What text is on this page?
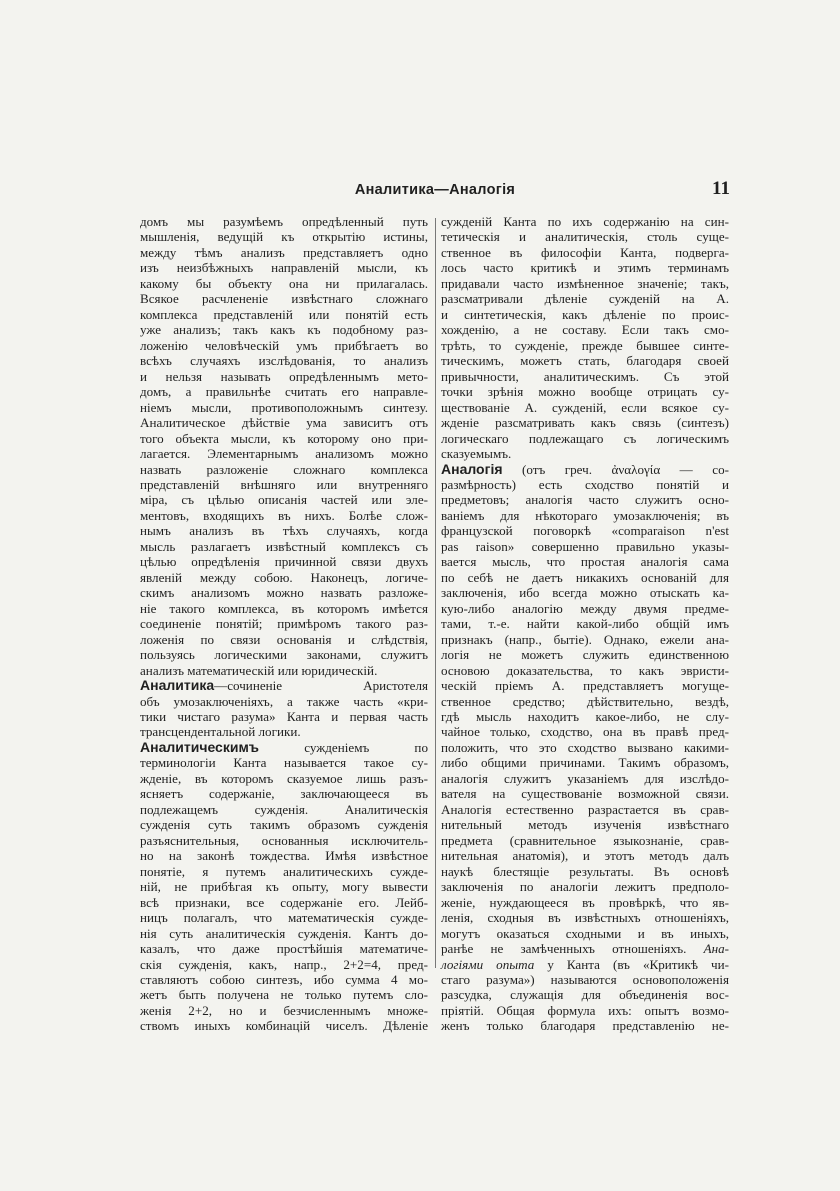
Аналитика—Аналогія	11

домъ мы разумѣемъ опредѣленный путь

мышленія, ведущій къ открытію истины,

между тѣмъ анализъ представляетъ одно

изъ неизбѣжныхъ направленій мысли, къ

какому бы объекту она ни прилагалась.

Всякое расчлененіе извѣстнаго сложнаго

комплекса представленій или понятій есть

уже анализъ; такъ какъ къ подобному раз-

ложенію человѣческій умъ прибѣгаетъ во

всѣхъ случаяхъ изслѣдованія, то анализъ

и нельзя называть опредѣленнымъ мето-

домъ, а правильнѣе считать его направле-

ніемъ мысли, противоположнымъ синтезу.

Аналитическое дѣйствіе ума зависитъ отъ

того объекта мысли, къ которому оно при-

лагается. Элементарнымъ анализомъ можно

назвать разложеніе сложнаго комплекса

представленій внѣшняго или внутренняго

міра, съ цѣлью описанія частей или эле-

ментовъ, входящихъ въ нихъ. Болѣе слож-

нымъ анализъ въ тѣхъ случаяхъ, когда

мысль разлагаетъ извѣстный комплексъ съ

цѣлью опредѣленія причинной связи двухъ

явленій между собою. Наконецъ, логиче-

скимъ анализомъ можно назвать разложе-

ніе такого комплекса, въ которомъ имѣется

соединеніе понятій; примѣромъ такого раз-

ложенія по связи основанія и слѣдствія,

пользуясь логическими законами, служитъ

анализъ математическій или юридическій.

Аналитика—сочиненіе Аристотеля

объ умозаключеніяхъ, а также часть «кри-

тики чистаго разума» Канта и первая часть

трансцендентальной логики.

Аналитическимъ	сужденіемъ по

терминологіи Канта называется такое су-

жденіе, въ которомъ сказуемое лишь разъ-

ясняетъ содержаніе, заключающееся въ

подлежащемъ сужденія. Аналитическія

сужденія суть такимъ образомъ сужденія

разъяснительныя, основанныя исключитель-

но на законѣ тождества. Имѣя извѣстное

понятіе, я путемъ аналитическихъ сужде-

ній, не прибѣгая къ опыту, могу вывести

всѣ признаки, все содержаніе его. Лейб-

ницъ полагалъ, что математическія сужде-

нія суть аналитическія сужденія. Кантъ до-

казалъ, что даже простѣйшія математиче-

скія сужденія, какъ, напр., 2+2=4, пред-

ставляютъ собою синтезъ, ибо сумма 4 мо-

жетъ быть получена не только путемъ сло-

женія 2+2, но и безчисленнымъ множе-

ствомъ иныхъ комбинацій чиселъ. Дѣленіе

сужденій Канта по ихъ содержанію на син-

тетическія и аналитическія, столь суще-

ственное въ философіи Канта, подверга-

лось часто критикѣ и этимъ терминамъ

придавали часто измѣненное значеніе; такъ,

разсматривали дѣленіе сужденій на А.

и синтетическія, какъ дѣленіе по проис-

хожденію, а не составу. Если такъ смо-

трѣть, то сужденіе, прежде бывшее синте-

тическимъ, можетъ стать, благодаря своей

привычности, аналитическимъ. Съ этой

точки зрѣнія можно вообще отрицать су-

ществованіе А. сужденій, если всякое су-

жденіе разсматривать какъ связь (синтезъ)

логическаго подлежащаго съ логическимъ

сказуемымъ.

Аналогія (отъ греч. ἀναλογία — со-

размѣрность) есть сходство понятій и

предметовъ; аналогія часто служитъ осно-

ваніемъ для нѣкотораго умозаключенія; въ

французской поговоркѣ «comparaison n'est

pas raison» совершенно правильно указы-

вается мысль, что простая аналогія сама

по себѣ не даетъ никакихъ основаній для

заключенія, ибо всегда можно отыскать ка-

кую-либо аналогію между двумя предме-

тами, т.-е. найти какой-либо общій имъ

признакъ (напр., бытіе). Однако, ежели ана-

логія не можетъ служить единственною

основою доказательства, то какъ эвристи-

ческій пріемъ А. представляетъ могуще-

ственное средство; дѣйствительно, вездѣ,

гдѣ мысль находитъ какое-либо, не слу-

чайное только, сходство, она въ правѣ пред-

положить, что это сходство вызвано какими-

либо общими причинами. Такимъ образомъ,

аналогія служитъ указаніемъ для изслѣдо-

вателя на существованіе возможной связи.

Аналогія естественно разрастается въ срав-

нительный методъ изученія извѣстнаго

предмета (сравнительное языкознаніе, срав-

нительная анатомія), и этотъ методъ далъ

наукѣ блестящіе результаты. Въ основѣ

заключенія по аналогіи лежитъ предполо-

женіе, нуждающееся въ провѣркѣ, что яв-

ленія, сходныя въ извѣстныхъ отношеніяхъ,

могутъ оказаться сходными и въ иныхъ,

ранѣе не замѣченныхъ отношеніяхъ. Ана-

логіями опыта у Канта (въ «Критикѣ чи-

стаго разума») называются основоположенія

разсудка, служащія для объединенія вос-

пріятій. Общая формула ихъ: опытъ возмо-

женъ только благодаря представленію не-
